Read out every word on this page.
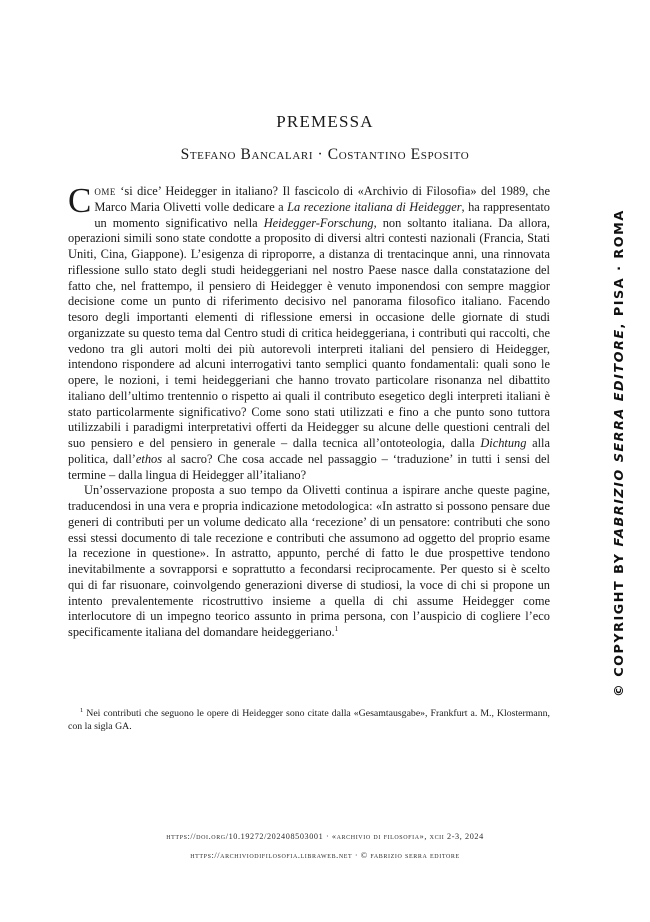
PREMESSA
Stefano Bancalari · Costantino Esposito

Come ‘si dice’ Heidegger in italiano? Il fascicolo di «Archivio di Filosofia» del 1989, che Marco Maria Olivetti volle dedicare a La recezione italiana di Heidegger, ha rappresentato un momento significativo nella Heidegger-Forschung, non soltanto italiana. Da allora, operazioni simili sono state condotte a proposito di diversi altri contesti nazionali (Francia, Stati Uniti, Cina, Giappone). L’esigenza di riproporre, a distanza di trentacinque anni, una rinnovata riflessione sullo stato degli studi heideggeriani nel nostro Paese nasce dalla constatazione del fatto che, nel frattempo, il pensiero di Heidegger è venuto imponendosi con sempre maggior decisione come un punto di riferimento decisivo nel panorama filosofico italiano. Facendo tesoro degli importanti elementi di riflessione emersi in occasione delle giornate di studi organizzate su questo tema dal Centro studi di critica heideggeriana, i contributi qui raccolti, che vedono tra gli autori molti dei più autorevoli interpreti italiani del pensiero di Heidegger, intendono rispondere ad alcuni interrogativi tanto semplici quanto fondamentali: quali sono le opere, le nozioni, i temi heideggeriani che hanno trovato particolare risonanza nel dibattito italiano dell’ultimo trentennio o rispetto ai quali il contributo esegetico degli interpreti italiani è stato particolarmente significativo? Come sono stati utilizzati e fino a che punto sono tuttora utilizzabili i paradigmi interpretativi offerti da Heidegger su alcune delle questioni centrali del suo pensiero e del pensiero in generale – dalla tecnica all’ontoteologia, dalla Dichtung alla politica, dall’ethos al sacro? Che cosa accade nel passaggio – ‘traduzione’ in tutti i sensi del termine – dalla lingua di Heidegger all’italiano?

Un’osservazione proposta a suo tempo da Olivetti continua a ispirare anche queste pagine, traducendosi in una vera e propria indicazione metodologica: «In astratto si possono pensare due generi di contributi per un volume dedicato alla ‘recezione’ di un pensatore: contributi che sono essi stessi documento di tale recezione e contributi che assumono ad oggetto del proprio esame la recezione in questione». In astratto, appunto, perché di fatto le due prospettive tendono inevitabilmente a sovrapporsi e soprattutto a fecondarsi reciprocamente. Per questo si è scelto qui di far risuonare, coinvolgendo generazioni diverse di studiosi, la voce di chi si propone un intento prevalentemente ricostruttivo insieme a quella di chi assume Heidegger come interlocutore di un impegno teorico assunto in prima persona, con l’auspicio di cogliere l’eco specificamente italiana del domandare heideggeriano.$^1$

$^1$ Nei contributi che seguono le opere di Heidegger sono citate dalla «Gesamtausgabe», Frankfurt a. M., Klostermann, con la sigla GA.
https://doi.org/10.19272/202408503001 · «archivio di filosofia», xcii 2-3, 2024
https://archiviodifilosofia.libraweb.net · © fabrizio serra editore
© COPYRIGHT BY FABRIZIO SERRA EDITORE, PISA · ROMA
